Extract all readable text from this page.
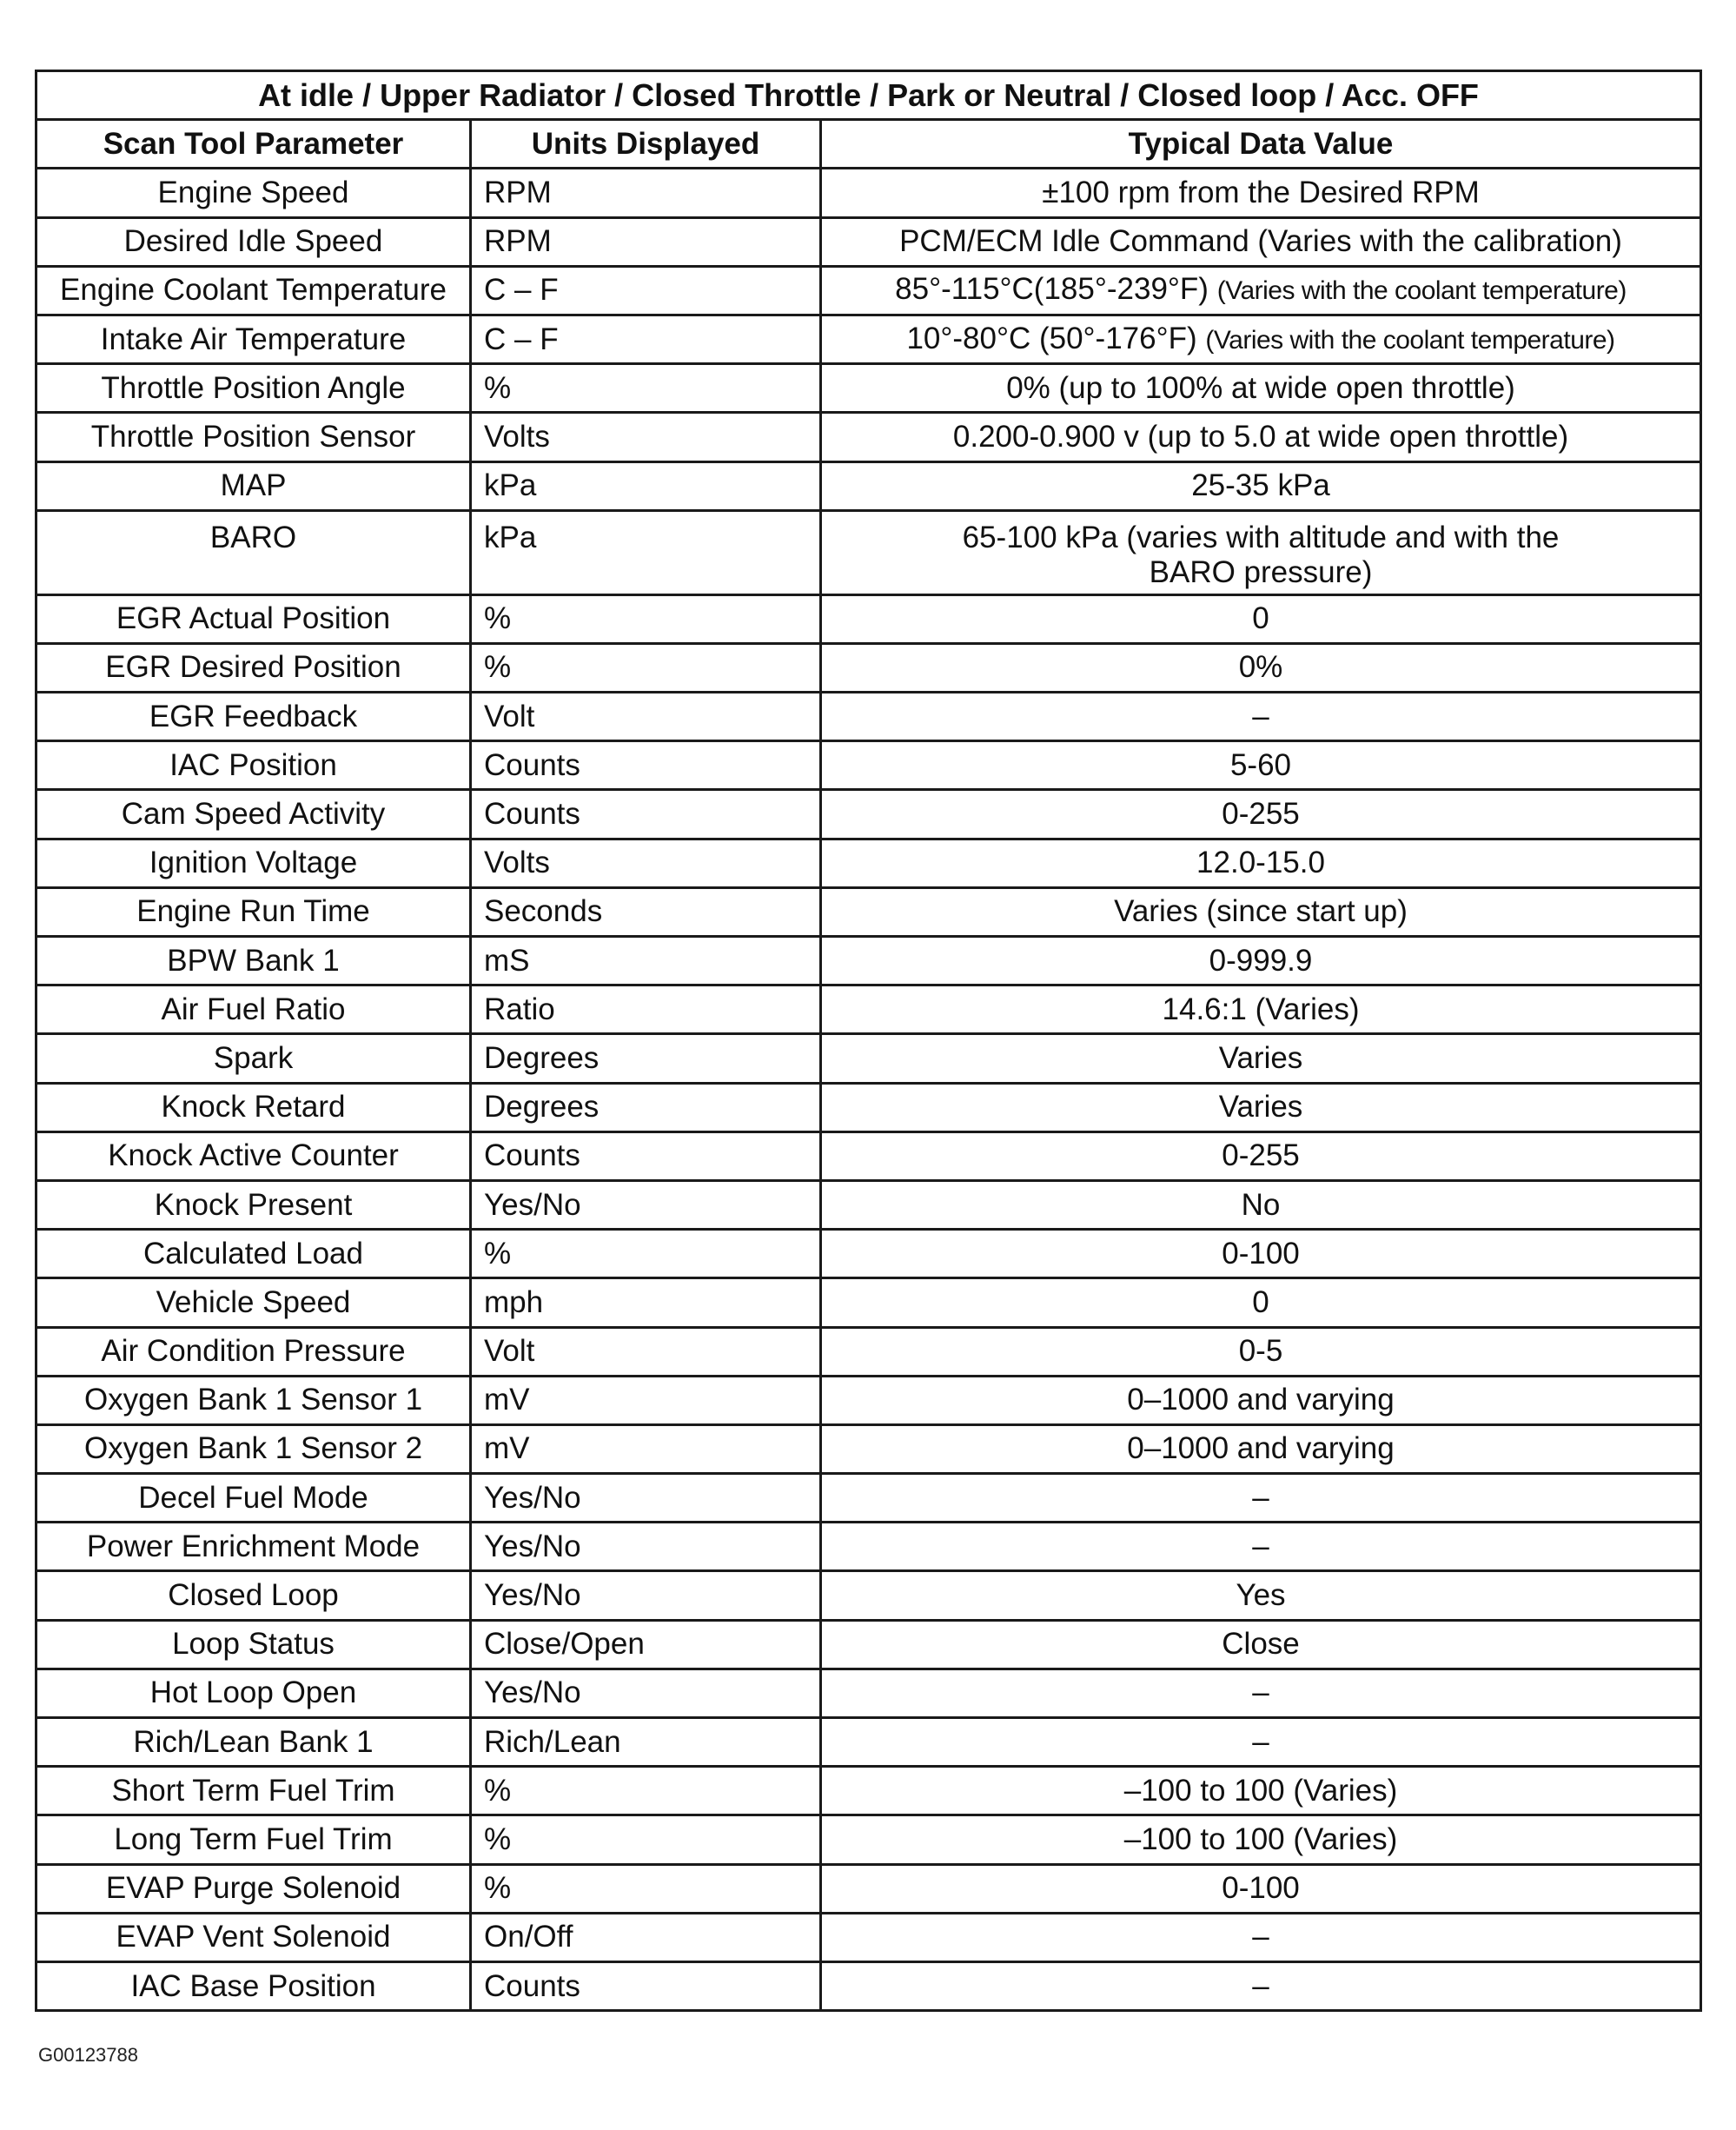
At idle / Upper Radiator / Closed Throttle / Park or Neutral / Closed loop / Acc. OFF		
Scan Tool Parameter	Units Displayed	Typical Data Value
Engine Speed	RPM	±100 rpm from the Desired RPM
Desired Idle Speed	RPM	PCM/ECM Idle Command (Varies with the calibration)
Engine Coolant Temperature	C – F	85°-115°C(185°-239°F) (Varies with the coolant temperature)
Intake Air Temperature	C – F	10°-80°C (50°-176°F) (Varies with the coolant temperature)
Throttle Position Angle	%	0% (up to 100% at wide open throttle)
Throttle Position Sensor	Volts	0.200-0.900 v (up to 5.0 at wide open throttle)
MAP	kPa	25-35 kPa
BARO	kPa	65-100 kPa (varies with altitude and with the
BARO pressure)
EGR Actual Position	%	0
EGR Desired Position	%	0%
EGR Feedback	Volt	–
IAC Position	Counts	5-60
Cam Speed Activity	Counts	0-255
Ignition Voltage	Volts	12.0-15.0
Engine Run Time	Seconds	Varies (since start up)
BPW Bank 1	mS	0-999.9
Air Fuel Ratio	Ratio	14.6:1 (Varies)
Spark	Degrees	Varies
Knock Retard	Degrees	Varies
Knock Active Counter	Counts	0-255
Knock Present	Yes/No	No
Calculated Load	%	0-100
Vehicle Speed	mph	0
Air Condition Pressure	Volt	0-5
Oxygen Bank 1 Sensor 1	mV	0–1000 and varying
Oxygen Bank 1 Sensor 2	mV	0–1000 and varying
Decel Fuel Mode	Yes/No	–
Power Enrichment Mode	Yes/No	–
Closed Loop	Yes/No	Yes
Loop Status	Close/Open	Close
Hot Loop Open	Yes/No	–
Rich/Lean Bank 1	Rich/Lean	–
Short Term Fuel Trim	%	–100 to 100 (Varies)
Long Term Fuel Trim	%	–100 to 100 (Varies)
EVAP Purge Solenoid	%	0-100
EVAP Vent Solenoid	On/Off	–
IAC Base Position	Counts	–
G00123788
